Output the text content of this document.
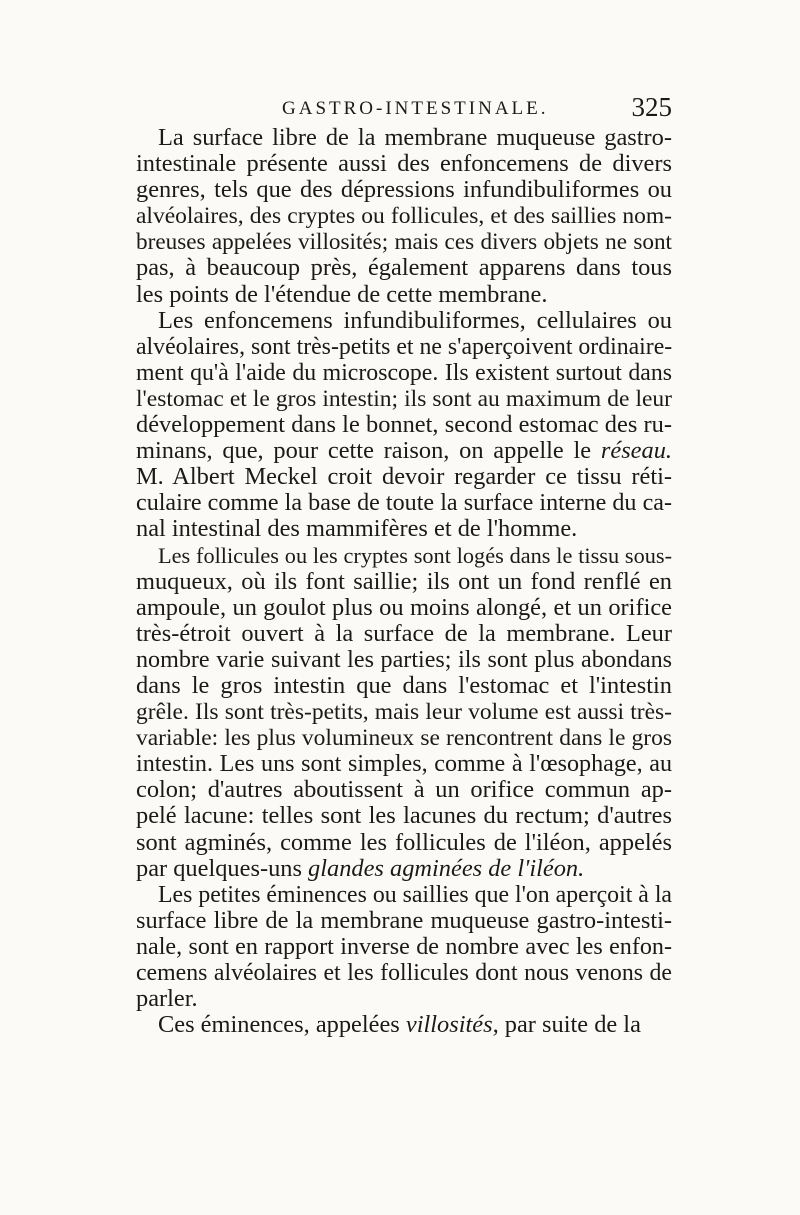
GASTRO-INTESTINALE.	325
La surface libre de la membrane muqueuse gastro-
intestinale présente aussi des enfoncemens de divers
genres, tels que des dépressions infundibuliformes ou
alvéolaires, des cryptes ou follicules, et des saillies nom-
breuses appelées villosités; mais ces divers objets ne sont
pas, à beaucoup près, également apparens dans tous
les points de l'étendue de cette membrane.
Les enfoncemens infundibuliformes, cellulaires ou
alvéolaires, sont très-petits et ne s'aperçoivent ordinaire-
ment qu'à l'aide du microscope. Ils existent surtout dans
l'estomac et le gros intestin; ils sont au maximum de leur
développement dans le bonnet, second estomac des ru-
minans, que, pour cette raison, on appelle le réseau.
M. Albert Meckel croit devoir regarder ce tissu réti-
culaire comme la base de toute la surface interne du ca-
nal intestinal des mammifères et de l'homme.
Les follicules ou les cryptes sont logés dans le tissu sous-
muqueux, où ils font saillie; ils ont un fond renflé en
ampoule, un goulot plus ou moins alongé, et un orifice
très-étroit ouvert à la surface de la membrane. Leur
nombre varie suivant les parties; ils sont plus abondans
dans le gros intestin que dans l'estomac et l'intestin
grêle. Ils sont très-petits, mais leur volume est aussi très-
variable: les plus volumineux se rencontrent dans le gros
intestin. Les uns sont simples, comme à l'œsophage, au
colon; d'autres aboutissent à un orifice commun ap-
pelé lacune: telles sont les lacunes du rectum; d'autres
sont agminés, comme les follicules de l'iléon, appelés
par quelques-uns glandes agminées de l'iléon.
Les petites éminences ou saillies que l'on aperçoit à la
surface libre de la membrane muqueuse gastro-intesti-
nale, sont en rapport inverse de nombre avec les enfon-
cemens alvéolaires et les follicules dont nous venons de
parler.
Ces éminences, appelées villosités, par suite de la
